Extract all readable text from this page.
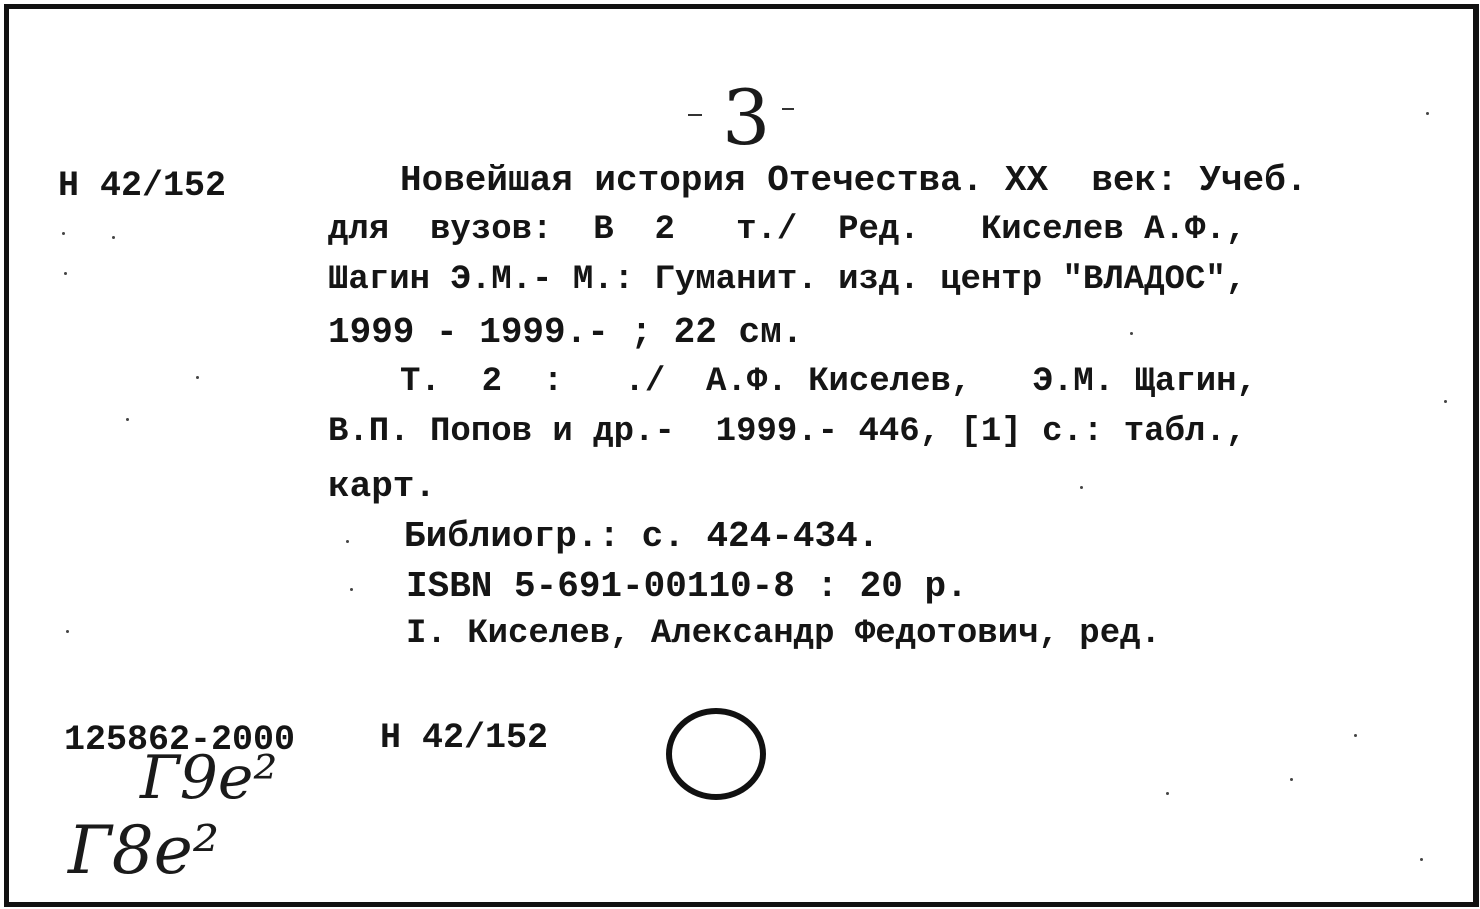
3
Н 42/152	Новейшая история Отечества. XX  век: Учеб.
для  вузов:  В  2   т./  Ред.   Киселев А.Ф.,
Шагин Э.М.- М.: Гуманит. изд. центр "ВЛАДОС",
1999 - 1999.- ; 22 см.
Т.  2  :   ./  А.Ф. Киселев,   Э.М. Щагин,
В.П. Попов и др.-  1999.- 446, [1] с.: табл.,
карт.
Библиогр.: с. 424-434.
ISBN 5-691-00110-8 : 20 р.
I. Киселев, Александр Федотович, ред.
125862-2000 Н 42/152
Г9е²
Г8е²
